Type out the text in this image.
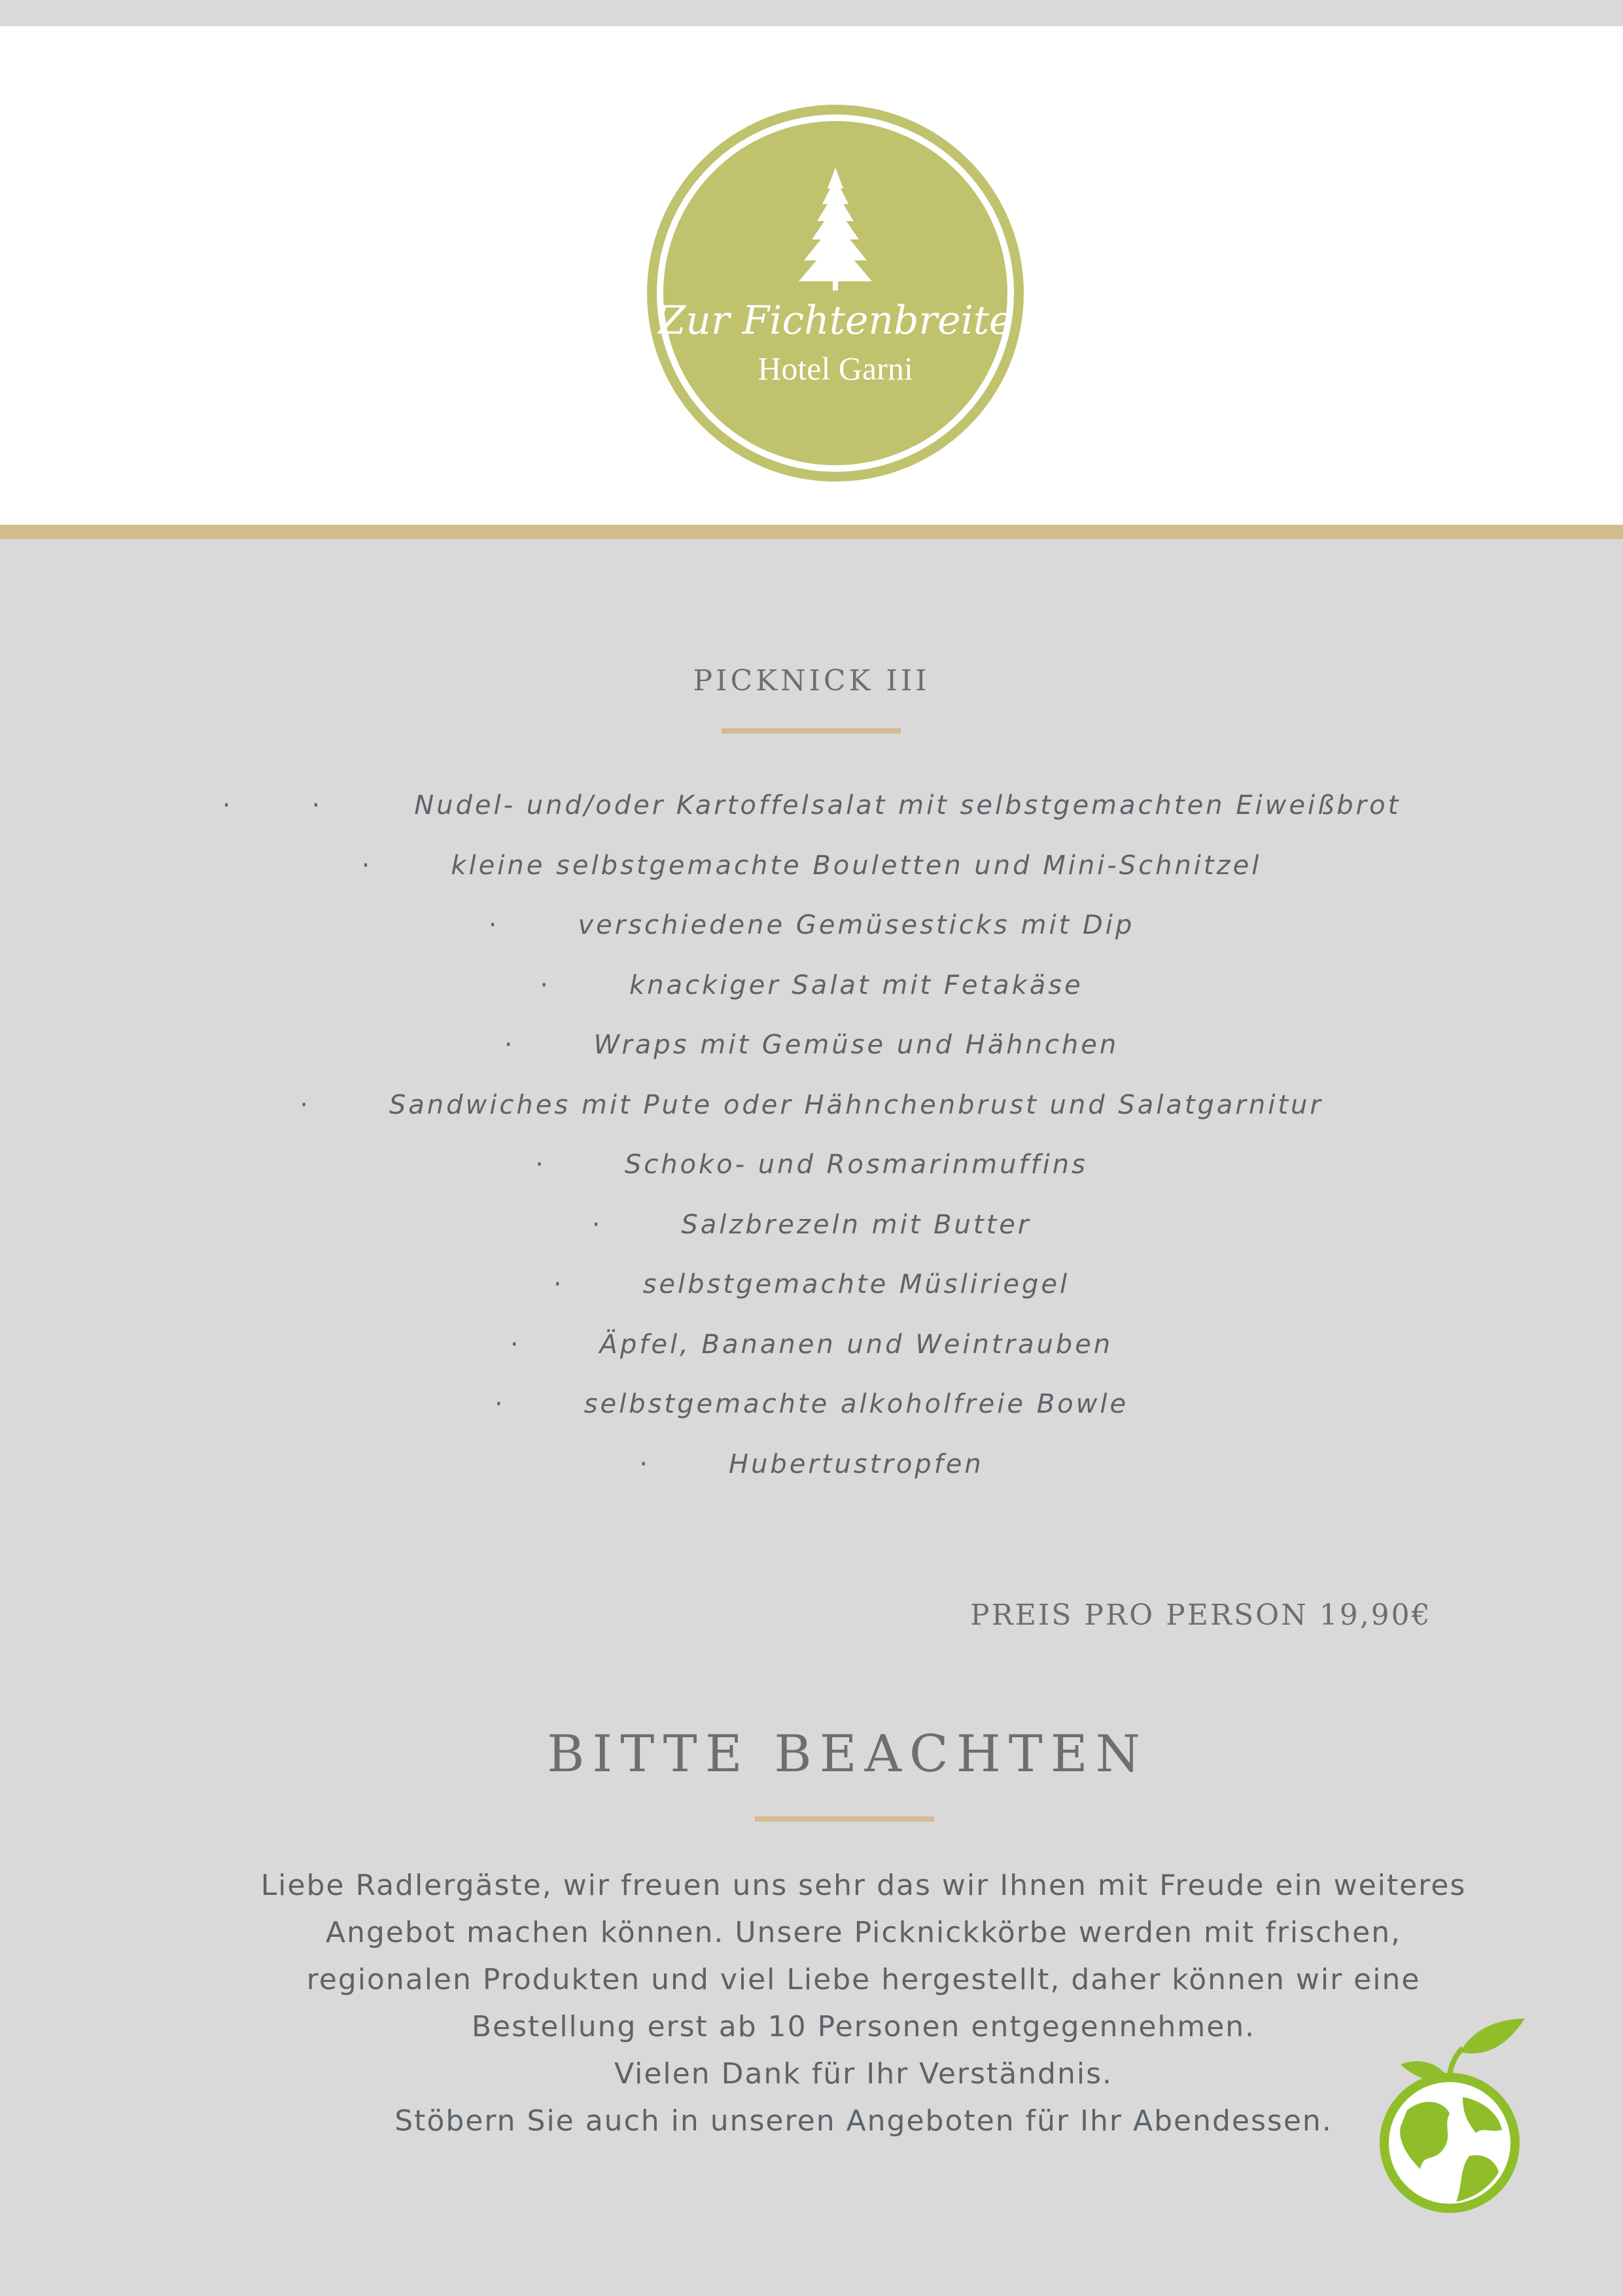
Zur Fichtenbreite
Hotel Garni
PICKNICK III
·	·	Nudel- und/oder Kartoffelsalat mit selbstgemachten Eiweißbrot
·	kleine selbstgemachte Bouletten und Mini-Schnitzel
·	verschiedene Gemüsesticks mit Dip
·	knackiger Salat mit Fetakäse
·	Wraps mit Gemüse und Hähnchen
·	Sandwiches mit Pute oder Hähnchenbrust und Salatgarnitur
·	Schoko- und Rosmarinmuffins
·	Salzbrezeln mit Butter
·	selbstgemachte Müsliriegel
·	Äpfel, Bananen und Weintrauben
·	selbstgemachte alkoholfreie Bowle
·	Hubertustropfen
PREIS PRO PERSON 19,90€
BITTE BEACHTEN
Liebe Radlergäste, wir freuen uns sehr das wir Ihnen mit Freude ein weiteres
Angebot machen können. Unsere Picknickkörbe werden mit frischen,
regionalen Produkten und viel Liebe hergestellt, daher können wir eine
Bestellung erst ab 10 Personen entgegennehmen.
Vielen Dank für Ihr Verständnis.
Stöbern Sie auch in unseren Angeboten für Ihr Abendessen.
